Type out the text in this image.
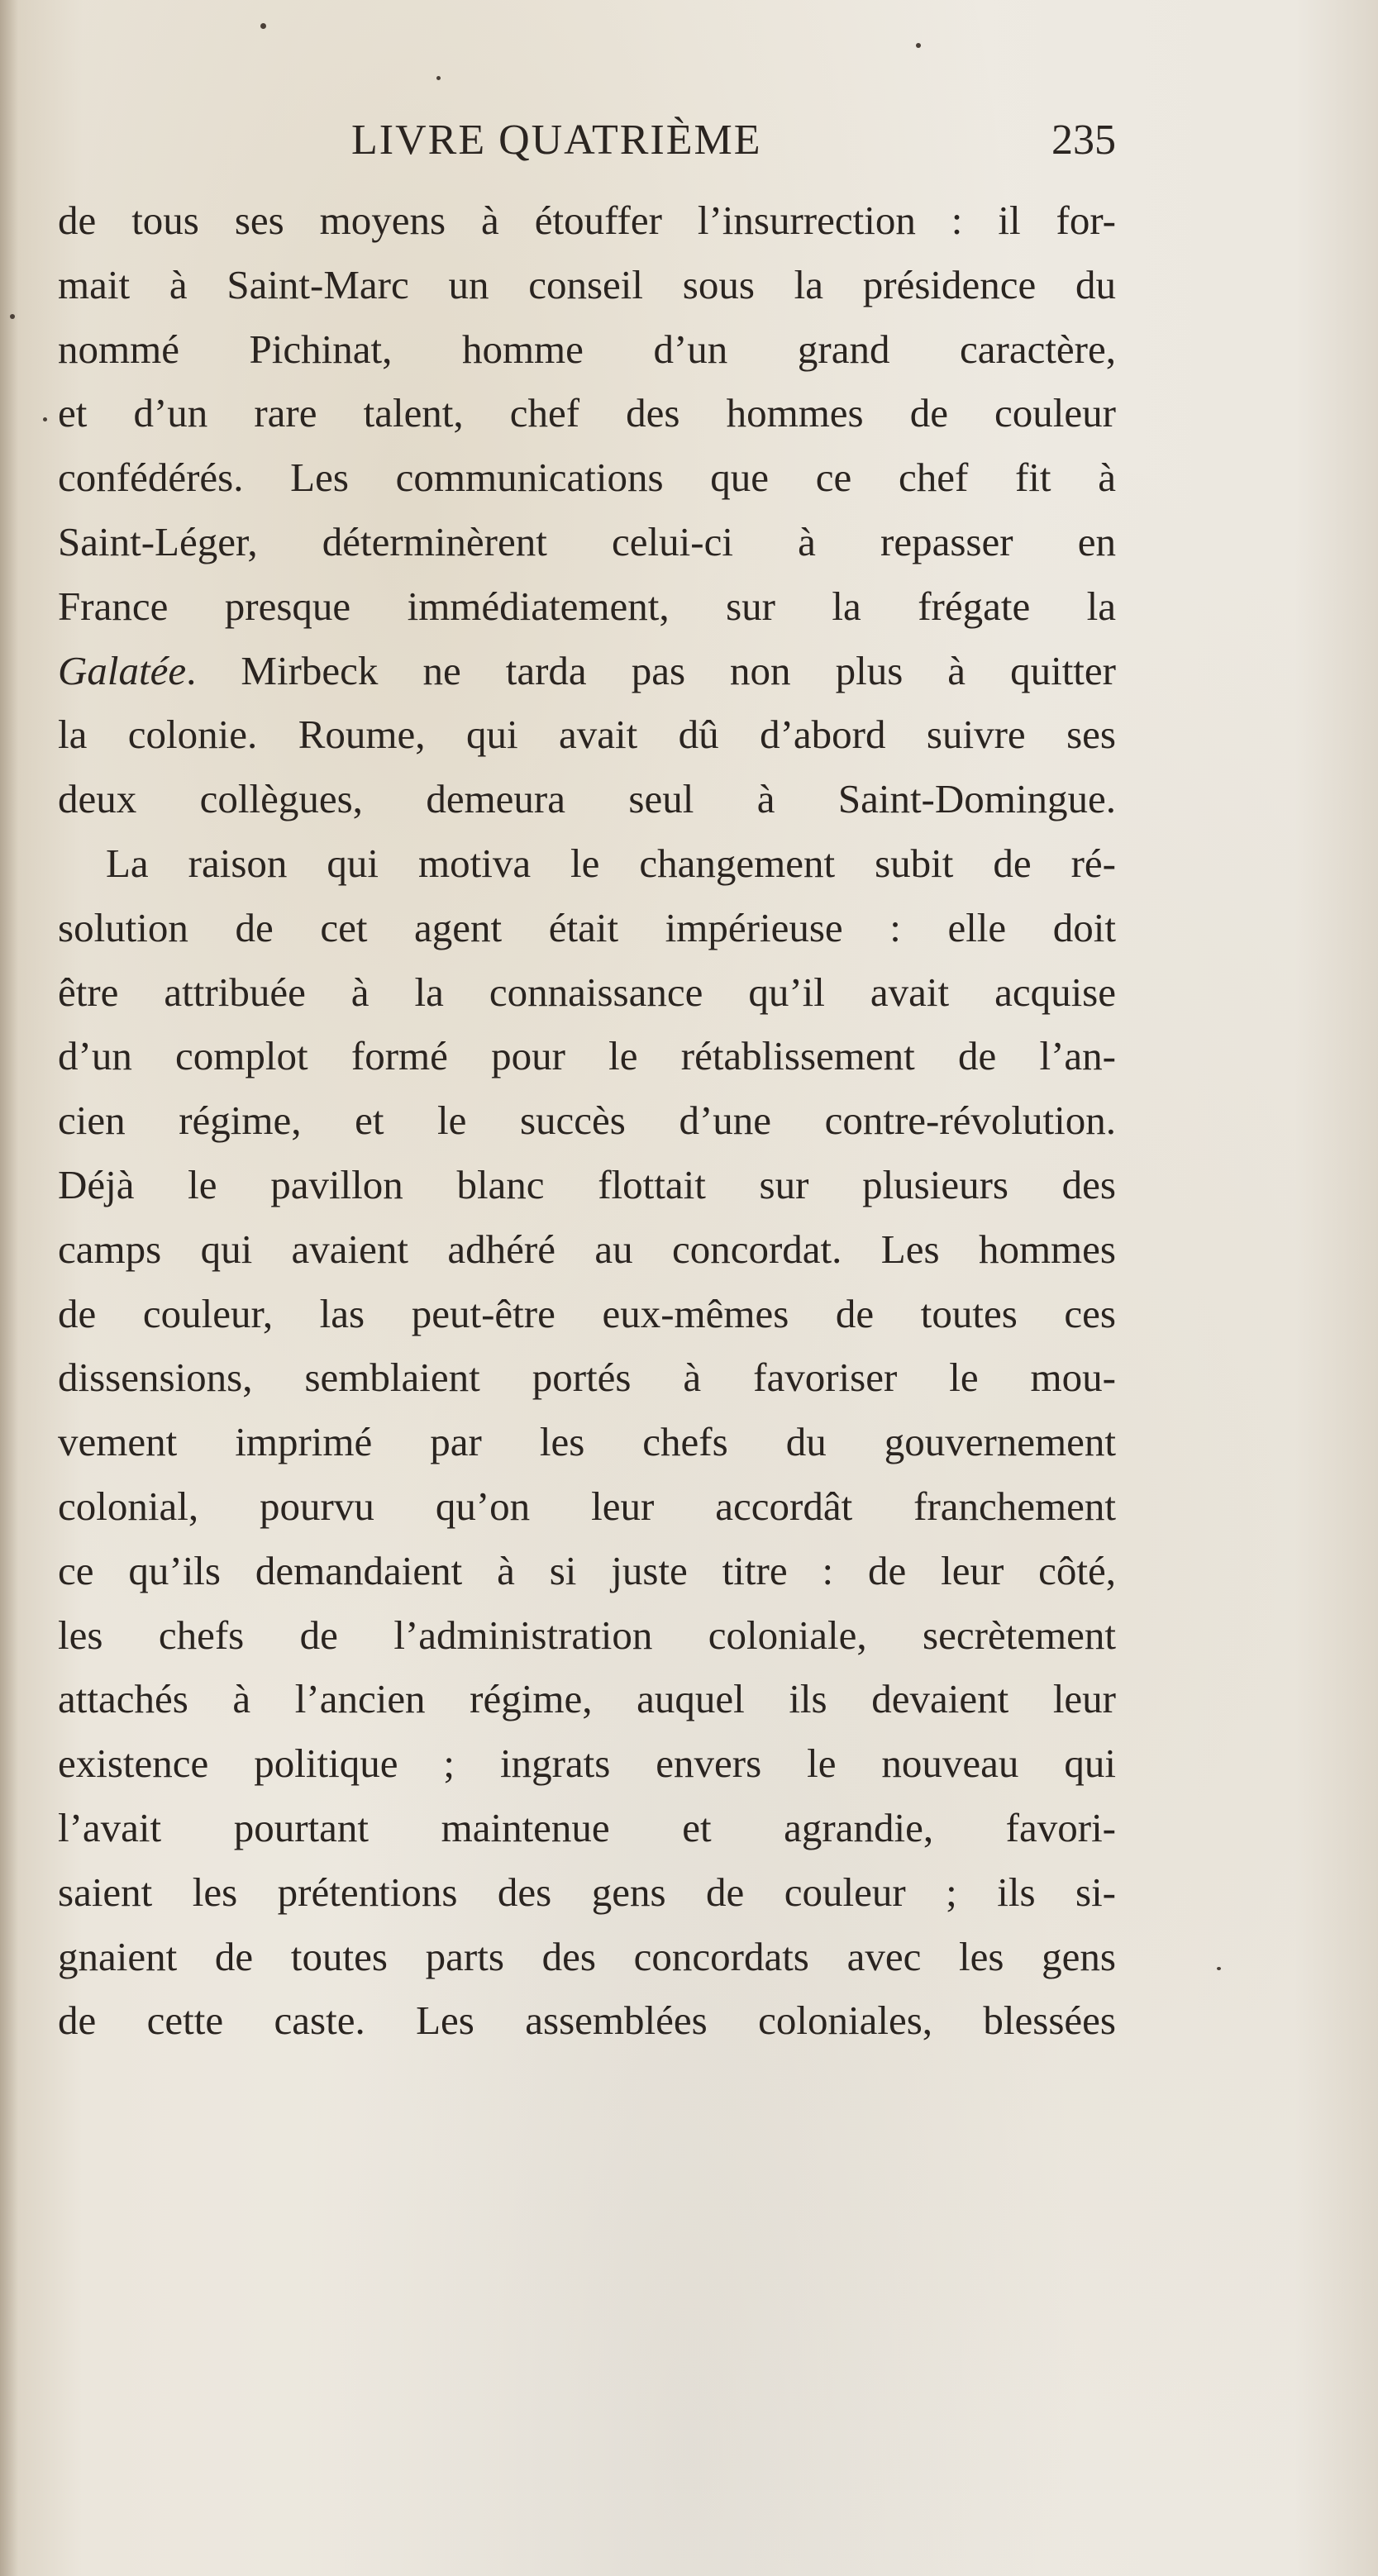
LIVRE QUATRIÈME	235
de tous ses moyens à étouffer l’insurrection : il for-
mait à Saint-Marc un conseil sous la présidence du
nommé Pichinat, homme d’un grand caractère,
et d’un rare talent, chef des hommes de couleur
confédérés. Les communications que ce chef fit à
Saint-Léger, déterminèrent celui-ci à repasser en
France presque immédiatement, sur la frégate la
Galatée. Mirbeck ne tarda pas non plus à quitter
la colonie. Roume, qui avait dû d’abord suivre ses
deux collègues, demeura seul à Saint-Domingue.
La raison qui motiva le changement subit de ré-
solution de cet agent était impérieuse : elle doit
être attribuée à la connaissance qu’il avait acquise
d’un complot formé pour le rétablissement de l’an-
cien régime, et le succès d’une contre-révolution.
Déjà le pavillon blanc flottait sur plusieurs des
camps qui avaient adhéré au concordat. Les hommes
de couleur, las peut-être eux-mêmes de toutes ces
dissensions, semblaient portés à favoriser le mou-
vement imprimé par les chefs du gouvernement
colonial, pourvu qu’on leur accordât franchement
ce qu’ils demandaient à si juste titre : de leur côté,
les chefs de l’administration coloniale, secrètement
attachés à l’ancien régime, auquel ils devaient leur
existence politique ; ingrats envers le nouveau qui
l’avait pourtant maintenue et agrandie, favori-
saient les prétentions des gens de couleur ; ils si-
gnaient de toutes parts des concordats avec les gens
de cette caste. Les assemblées coloniales, blessées
